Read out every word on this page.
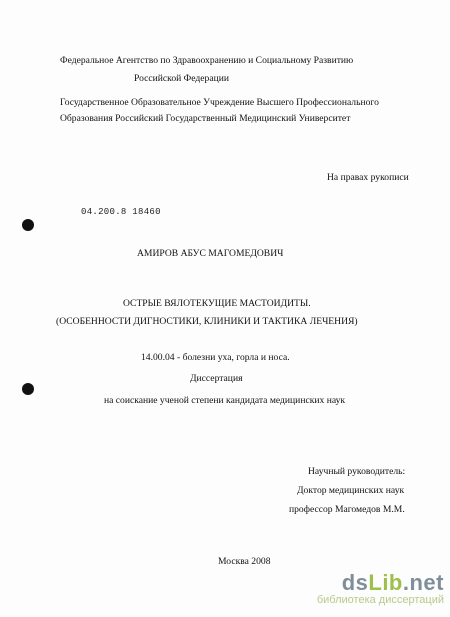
Федеральное Агентство по Здравоохранению и Социальному Развитию
Российской Федерации
Государственное Образовательное Учреждение Высшего Профессионального
Образования Российский Государственный Медицинский Университет
На правах рукописи
04.200.8 18460
АМИРОВ АБУС МАГОМЕДОВИЧ
ОСТРЫЕ ВЯЛОТЕКУЩИЕ МАСТОИДИТЫ.
(ОСОБЕННОСТИ ДИГНОСТИКИ, КЛИНИКИ И ТАКТИКА ЛЕЧЕНИЯ)
14.00.04 - болезни уха, горла и носа.
Диссертация
на соискание ученой степени кандидата медицинских наук
Научный руководитель:
Доктор медицинских наук
профессор Магомедов М.М.
Москва 2008
dsLib.net
библиотека диссертаций
